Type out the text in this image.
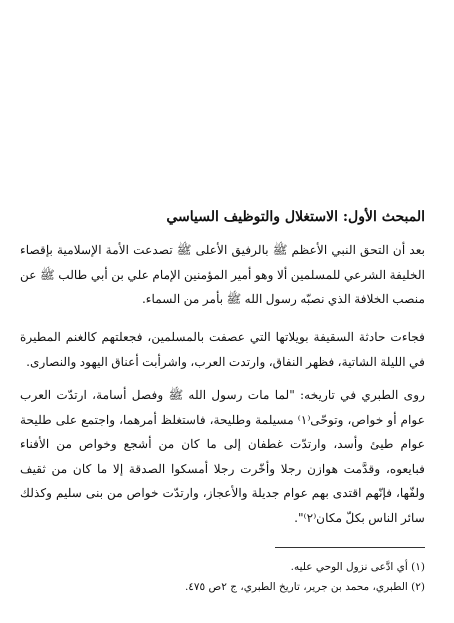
المبحث الأول: الاستغلال والتوظيف السياسي
بعد أن التحق النبي الأعظم ﷺ بالرفيق الأعلى ﷺ تصدعت الأمة الإسلامية بإقصاء الخليفة الشرعي للمسلمين ألا وهو أمير المؤمنين الإمام علي بن أبي طالب ﷺ عن منصب الخلافة الذي نصبّه رسول الله ﷺ بأمر من السماء.
فجاءت حادثة السقيفة بويلاتها التي عصفت بالمسلمين، فجعلتهم كالغنم المطيرة في الليلة الشاتية، فظهر النفاق، وارتدت العرب، واشرأبت أعناق اليهود والنصارى.
روى الطبري في تاريخه: "لما مات رسول الله ﷺ وفصل أسامة، ارتدّت العرب عوام أو خواص، وتوحّى⁽١⁾ مسيلمة وطليحة، فاستغلظ أمرهما، واجتمع على طليحة عوام طيئ وأسد، وارتدّت غطفان إلى ما كان من أشجع وخواص من الأفناء فبايعوه، وقدَّمت هوازن رجلا وأخّرت رجلا أمسكوا الصدقة إلا ما كان من ثقيف ولفّها، فإنّهم اقتدى بهم عوام جديلة والأعجاز، وارتدّت خواص من بنى سليم وكذلك سائر الناس بكلّ مكان⁽٢⁾".
(١) أي ادَّعى نزول الوحي عليه.
(٢) الطبري، محمد بن جرير، تاريخ الطبري، ج ٢ص ٤٧٥.
